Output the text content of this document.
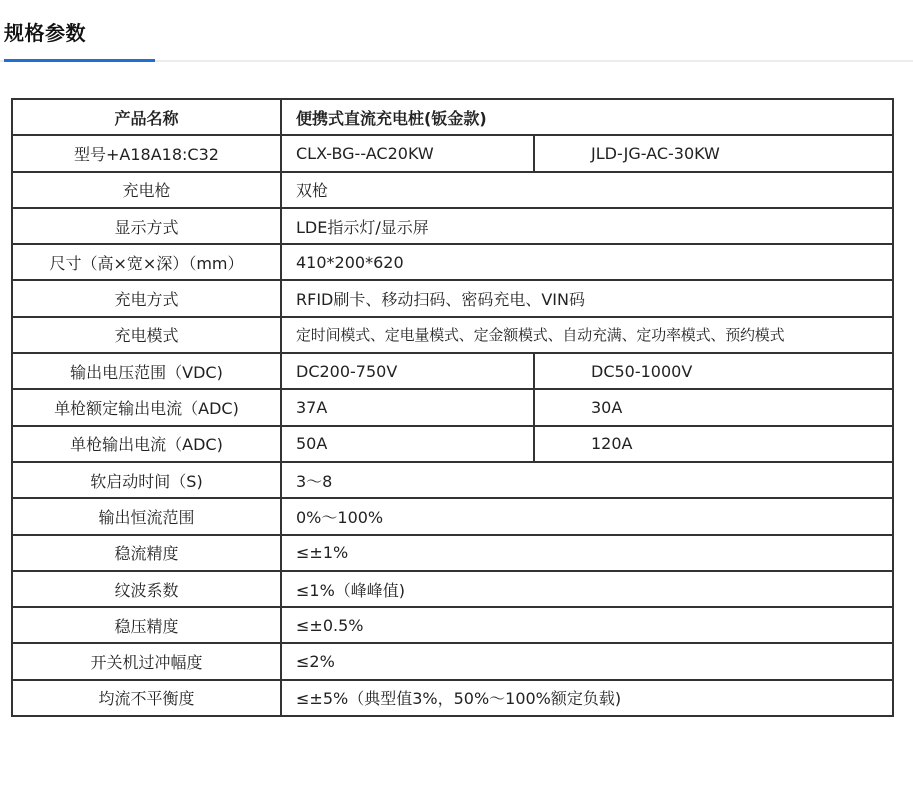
规格参数
产品名称	便携式直流充电桩(钣金款)	
型号+A18A18:C32	CLX-BG--AC20KW	JLD-JG-AC-30KW
充电枪	双枪	
显示方式	LDE指示灯/显示屏	
尺寸（高×宽×深）（mm）	410*200*620	
充电方式	RFID刷卡、移动扫码、密码充电、VIN码	
充电模式	定时间模式、定电量模式、定金额模式、自动充满、定功率模式、预约模式	
输出电压范围（VDC)	DC200-750V	DC50-1000V
单枪额定输出电流（ADC)	37A	30A
单枪输出电流（ADC)	50A	120A
软启动时间（S)	3～8	
输出恒流范围	0%～100%	
稳流精度	≤±1%	
纹波系数	≤1%（峰峰值)	
稳压精度	≤±0.5%	
开关机过冲幅度	≤2%	
均流不平衡度	≤±5%（典型值3%，50%～100%额定负载)	
